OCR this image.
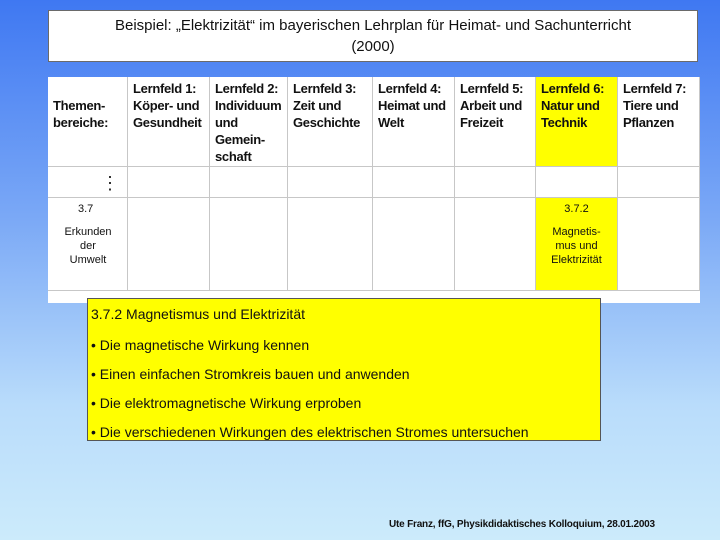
Beispiel: „Elektrizität“ im bayerischen Lehrplan für Heimat- und Sachunterricht
(2000)
Themen-
bereiche:
Lernfeld 1:
Köper- und
Gesundheit
Lernfeld 2:
Individuum
und
Gemein-
schaft
Lernfeld 3:
Zeit und
Geschichte
Lernfeld 4:
Heimat und
Welt
Lernfeld 5:
Arbeit und
Freizeit
Lernfeld 6:
Natur und
Technik
Lernfeld 7:
Tiere und
Pflanzen
⋮
3.7
Erkunden
der
Umwelt
3.7.2
Magnetis-
mus und
Elektrizität
3.7.2 Magnetismus und Elektrizität
• Die magnetische Wirkung kennen
• Einen einfachen Stromkreis bauen und anwenden
• Die elektromagnetische Wirkung erproben
• Die verschiedenen Wirkungen des elektrischen Stromes untersuchen
Ute Franz, ffG, Physikdidaktisches Kolloquium, 28.01.2003
